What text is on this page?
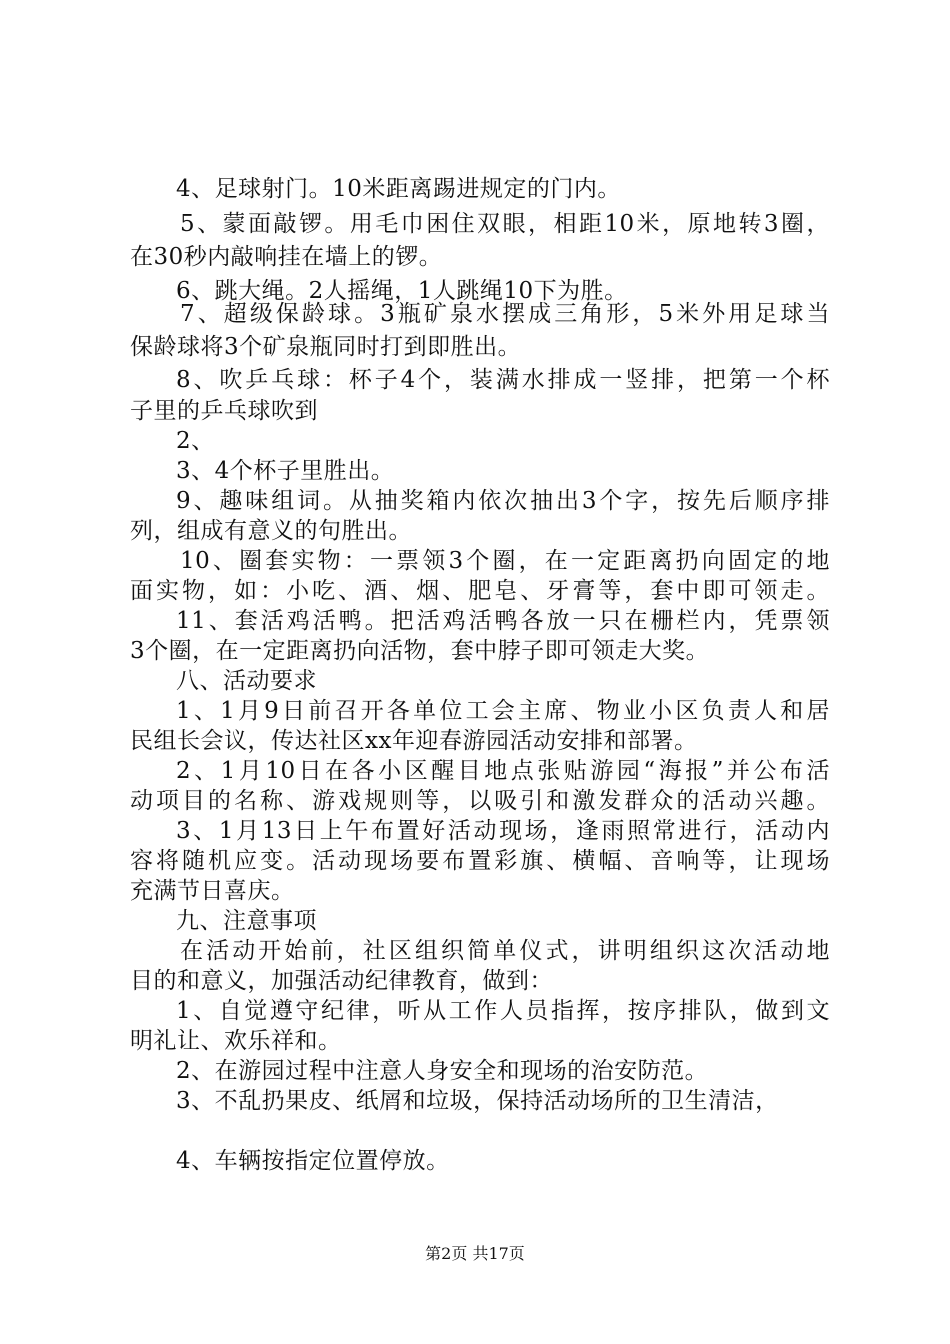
4、足球射门。10米距离踢进规定的门内。
5、蒙面敲锣。用毛巾困住双眼，相距10米，原地转3圈，
在30秒内敲响挂在墙上的锣。
6、跳大绳。2人摇绳，1人跳绳10下为胜。
7、超级保龄球。3瓶矿泉水摆成三角形，5米外用足球当
保龄球将3个矿泉瓶同时打到即胜出。
8、吹乒乓球：杯子4个，装满水排成一竖排，把第一个杯
子里的乒乓球吹到
2、
3、4个杯子里胜出。
9、趣味组词。从抽奖箱内依次抽出3个字，按先后顺序排
列，组成有意义的句胜出。
10、圈套实物：一票领3个圈，在一定距离扔向固定的地
面实物，如：小吃、酒、烟、肥皂、牙膏等，套中即可领走。
11、套活鸡活鸭。把活鸡活鸭各放一只在栅栏内，凭票领
3个圈，在一定距离扔向活物，套中脖子即可领走大奖。
八、活动要求
1、1月9日前召开各单位工会主席、物业小区负责人和居
民组长会议，传达社区xx年迎春游园活动安排和部署。
2、1月10日在各小区醒目地点张贴游园“海报”并公布活
动项目的名称、游戏规则等，以吸引和激发群众的活动兴趣。
3、1月13日上午布置好活动现场，逢雨照常进行，活动内
容将随机应变。活动现场要布置彩旗、横幅、音响等，让现场
充满节日喜庆。
九、注意事项
在活动开始前，社区组织简单仪式，讲明组织这次活动地
目的和意义，加强活动纪律教育，做到：
1、自觉遵守纪律，听从工作人员指挥，按序排队，做到文
明礼让、欢乐祥和。
2、在游园过程中注意人身安全和现场的治安防范。
3、不乱扔果皮、纸屑和垃圾，保持活动场所的卫生清洁，
4、车辆按指定位置停放。
第2页 共17页
